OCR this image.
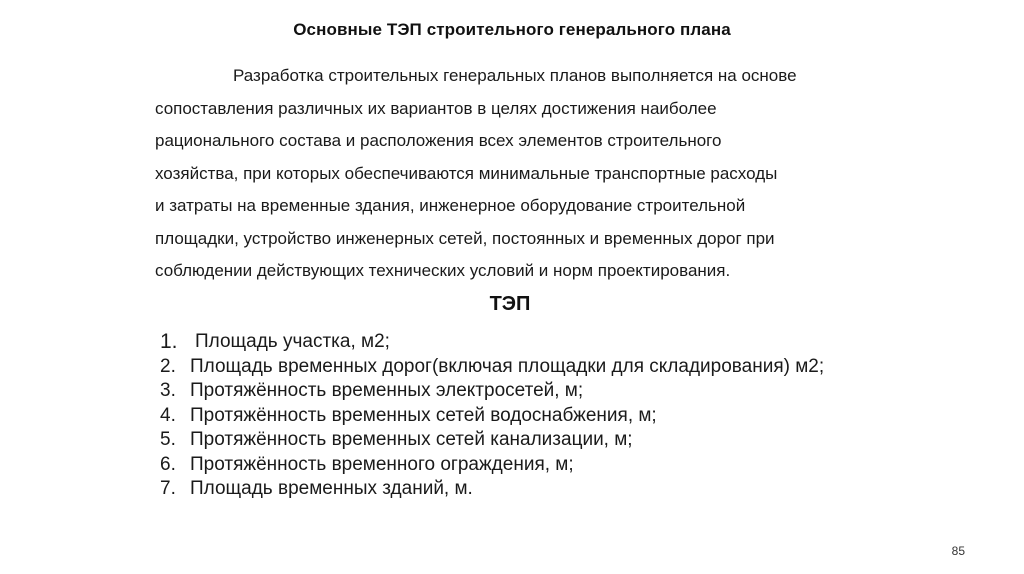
Основные ТЭП строительного генерального плана
Разработка строительных генеральных планов выполняется на основе
сопоставления различных их вариантов в целях достижения наиболее
рационального состава и расположения всех элементов строительного
хозяйства, при которых обеспечиваются минимальные транспортные расходы
и затраты на временные здания, инженерное оборудование строительной
площадки, устройство инженерных сетей, постоянных и временных дорог при
соблюдении действующих технических условий и норм проектирования.
ТЭП
1. Площадь участка, м2;
2. Площадь временных дорог(включая площадки для складирования) м2;
3. Протяжённость временных электросетей, м;
4. Протяжённость временных сетей водоснабжения, м;
5. Протяжённость временных сетей канализации, м;
6. Протяжённость временного ограждения, м;
7. Площадь временных зданий, м.
85
